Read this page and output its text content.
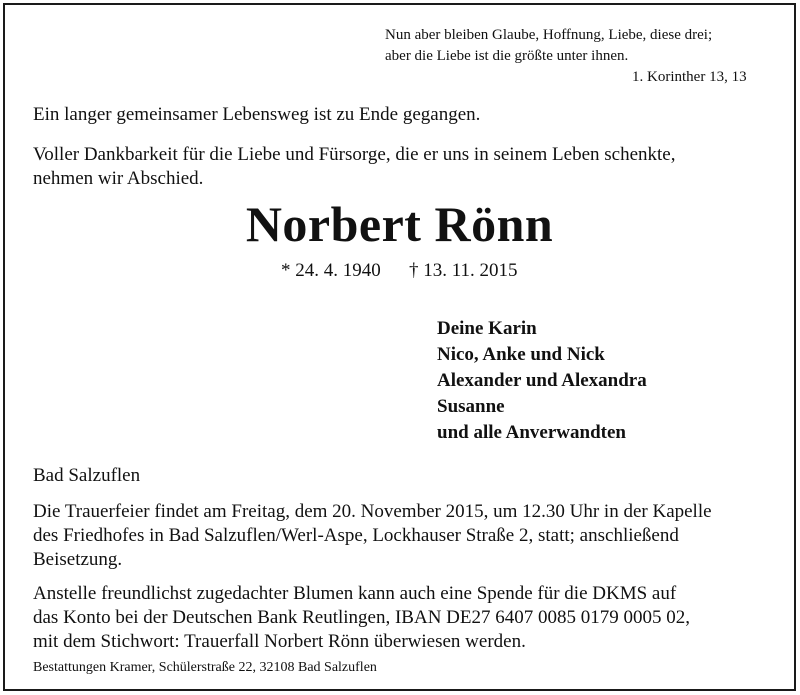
Nun aber bleiben Glaube, Hoffnung, Liebe, diese drei;
aber die Liebe ist die größte unter ihnen.
1. Korinther 13, 13
Ein langer gemeinsamer Lebensweg ist zu Ende gegangen.
Voller Dankbarkeit für die Liebe und Fürsorge, die er uns in seinem Leben schenkte,
nehmen wir Abschied.
Norbert Rönn
* 24. 4. 1940 † 13. 11. 2015
Deine Karin
Nico, Anke und Nick
Alexander und Alexandra
Susanne
und alle Anverwandten
Bad Salzuflen
Die Trauerfeier findet am Freitag, dem 20. November 2015, um 12.30 Uhr in der Kapelle
des Friedhofes in Bad Salzuflen/Werl-Aspe, Lockhauser Straße 2, statt; anschließend
Beisetzung.
Anstelle freundlichst zugedachter Blumen kann auch eine Spende für die DKMS auf
das Konto bei der Deutschen Bank Reutlingen, IBAN DE27 6407 0085 0179 0005 02,
mit dem Stichwort: Trauerfall Norbert Rönn überwiesen werden.
Bestattungen Kramer, Schülerstraße 22, 32108 Bad Salzuflen
